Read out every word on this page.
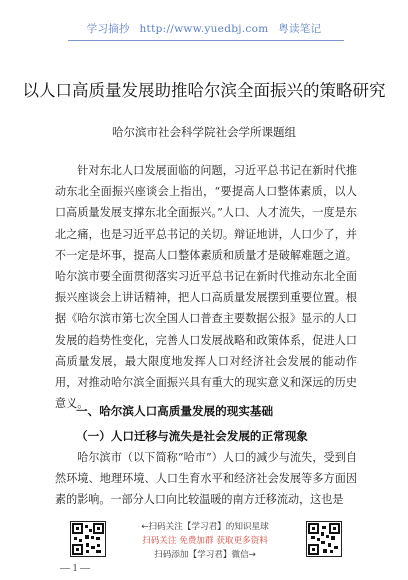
学习摘抄 http://www.yuedbj.com 粤读笔记
以人口高质量发展助推哈尔滨全面振兴的策略研究
哈尔滨市社会科学院社会学所课题组

针对东北人口发展面临的问题，习近平总书记在新时代推动东北全面振兴座谈会上指出，“要提高人口整体素质，以人口高质量发展支撑东北全面振兴。”人口、人才流失，一度是东北之痛，也是习近平总书记的关切。辩证地讲，人口少了，并不一定是坏事，提高人口整体素质和质量才是破解难题之道。哈尔滨市要全面贯彻落实习近平总书记在新时代推动东北全面振兴座谈会上讲话精神，把人口高质量发展摆到重要位置。根据《哈尔滨市第七次全国人口普查主要数据公报》显示的人口发展的趋势性变化，完善人口发展战略和政策体系，促进人口高质量发展，最大限度地发挥人口对经济社会发展的能动作用，对推动哈尔滨全面振兴具有重大的现实意义和深远的历史意义。

一、哈尔滨人口高质量发展的现实基础
（一）人口迁移与流失是社会发展的正常现象

哈尔滨市（以下简称“哈市”）人口的减少与流失，受到自然环境、地理环境、人口生育水平和经济社会发展等多方面因素的影响。一部分人口向比较温暖的南方迁移流动，这也是

←扫码关注【学习君】的知识星球
扫码关注 免费加群 获取更多资料
扫码添加【学习君】微信→
— 1 —
